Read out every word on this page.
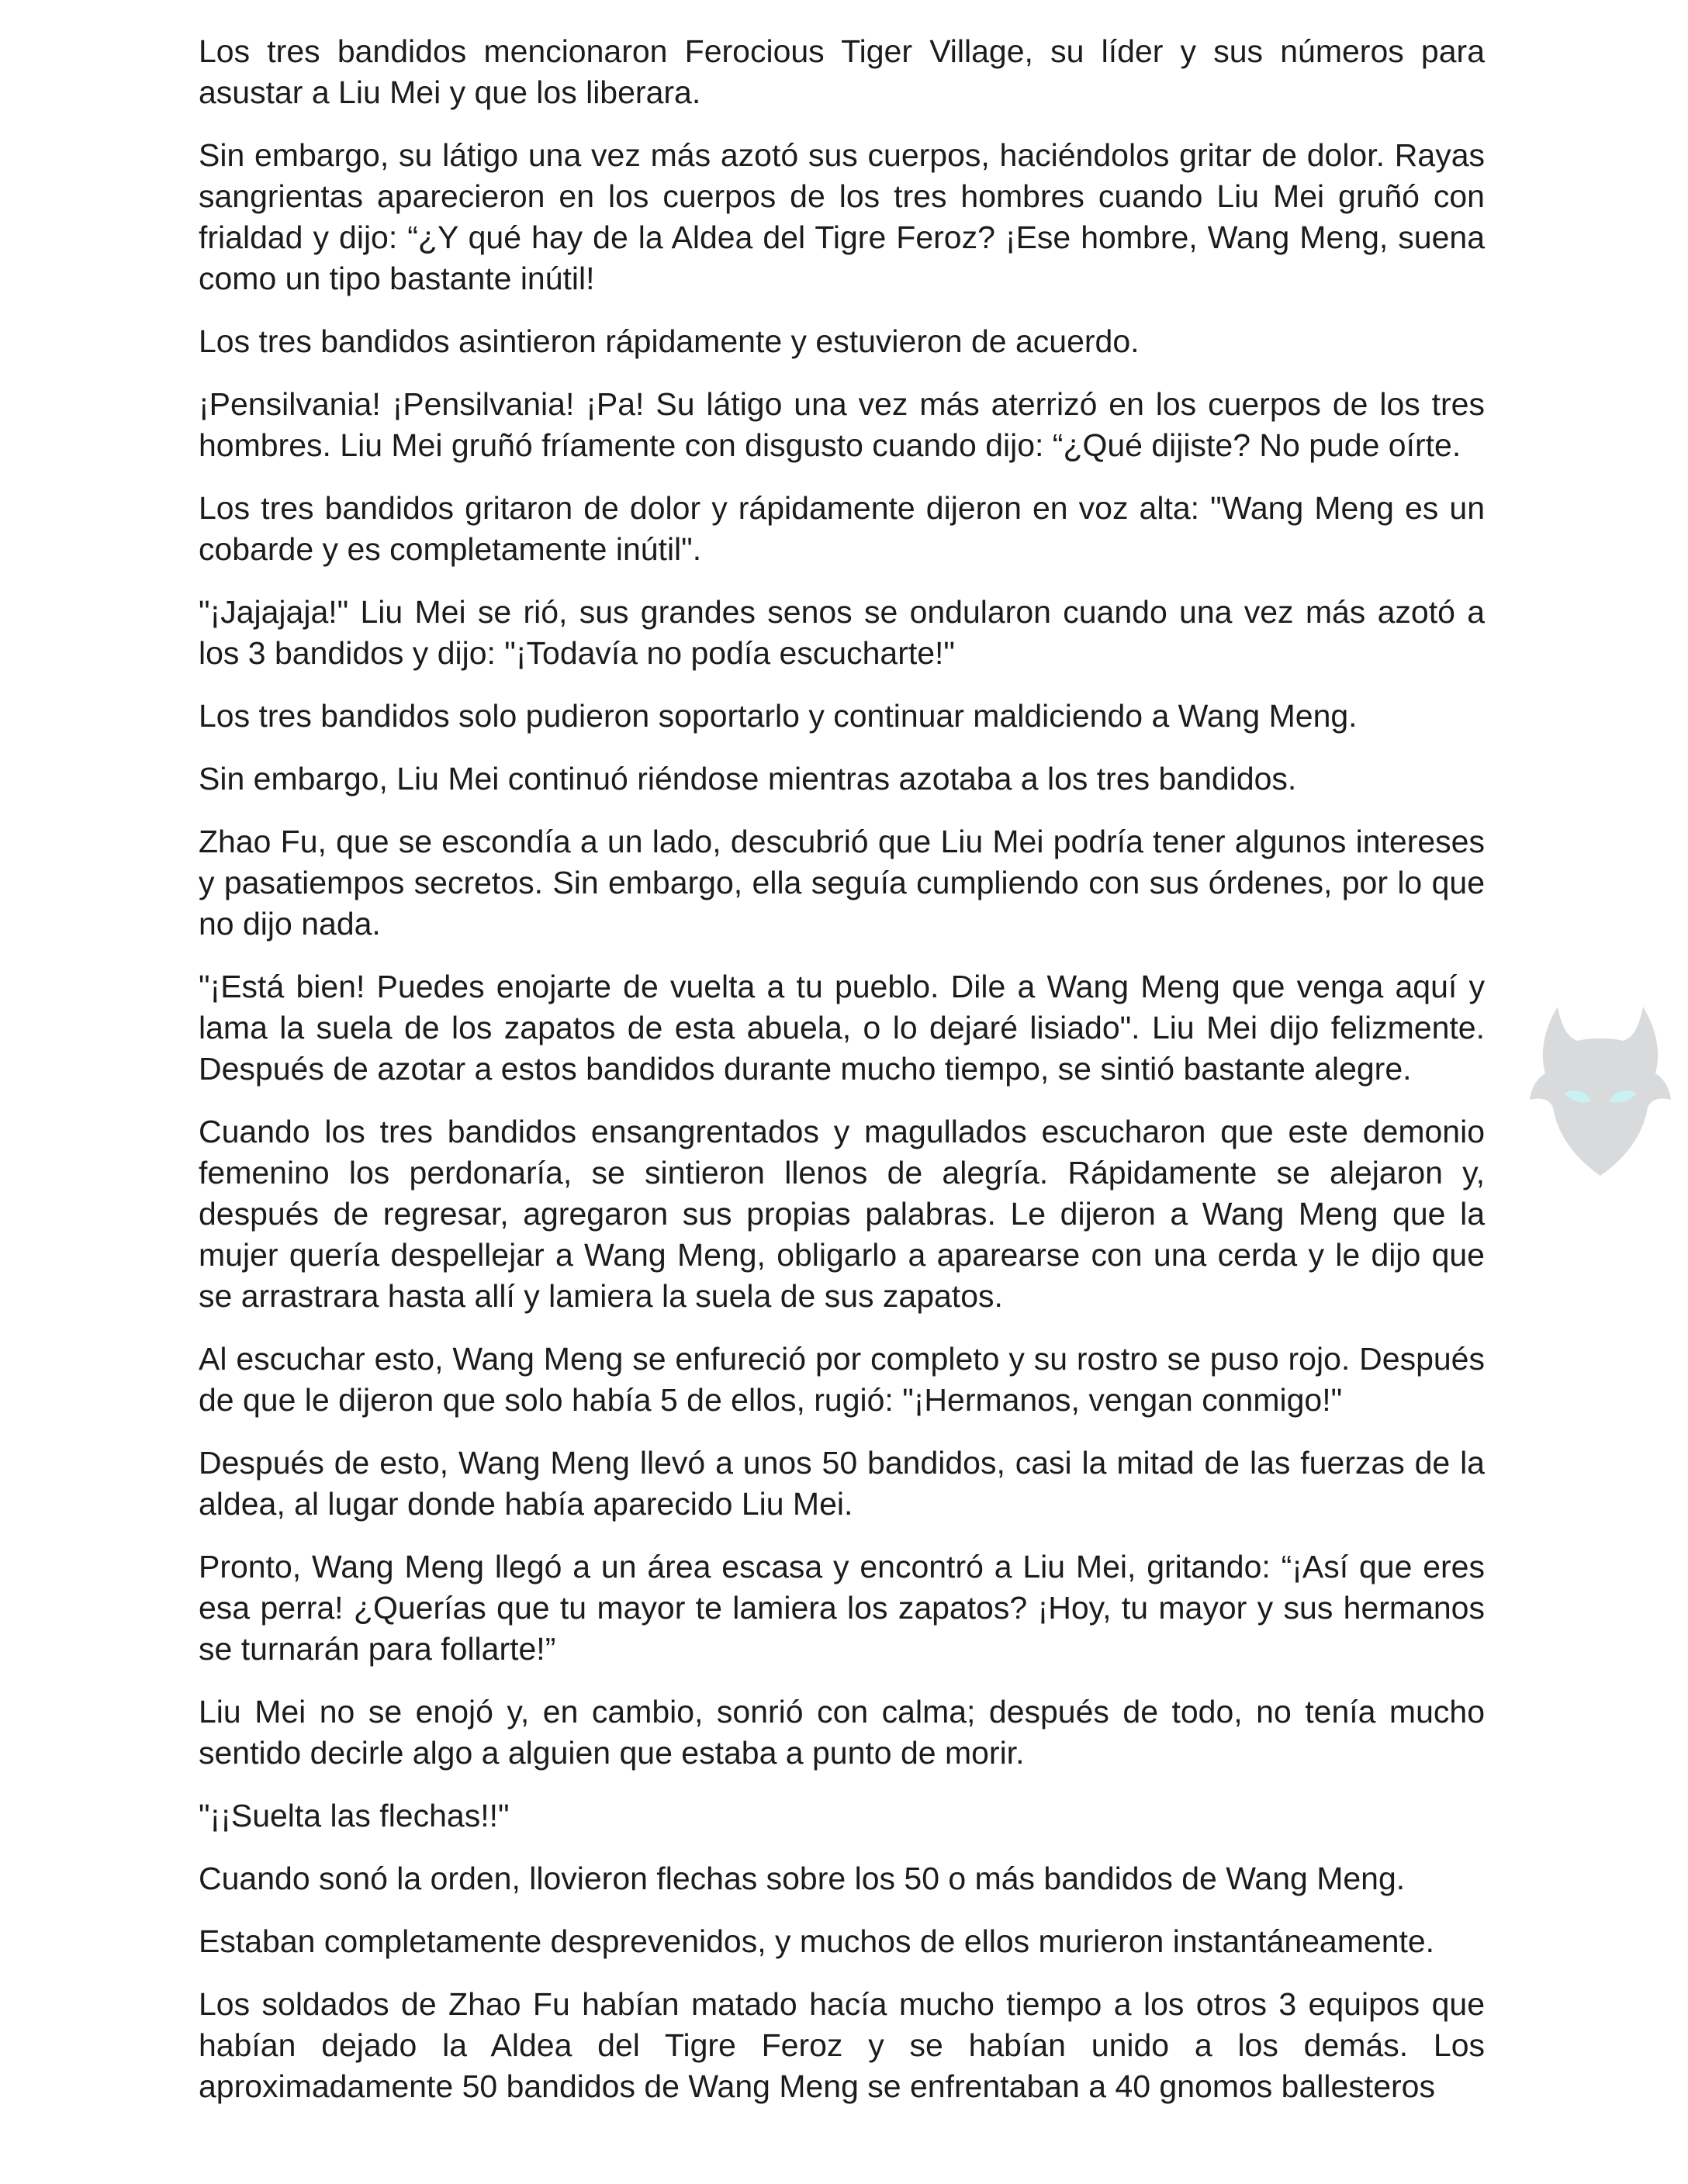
Los tres bandidos mencionaron Ferocious Tiger Village, su líder y sus números para asustar a Liu Mei y que los liberara.

Sin embargo, su látigo una vez más azotó sus cuerpos, haciéndolos gritar de dolor. Rayas sangrientas aparecieron en los cuerpos de los tres hombres cuando Liu Mei gruñó con frialdad y dijo: “¿Y qué hay de la Aldea del Tigre Feroz? ¡Ese hombre, Wang Meng, suena como un tipo bastante inútil!

Los tres bandidos asintieron rápidamente y estuvieron de acuerdo.

¡Pensilvania! ¡Pensilvania! ¡Pa! Su látigo una vez más aterrizó en los cuerpos de los tres hombres. Liu Mei gruñó fríamente con disgusto cuando dijo: “¿Qué dijiste? No pude oírte.

Los tres bandidos gritaron de dolor y rápidamente dijeron en voz alta: "Wang Meng es un cobarde y es completamente inútil".

"¡Jajajaja!" Liu Mei se rió, sus grandes senos se ondularon cuando una vez más azotó a los 3 bandidos y dijo: "¡Todavía no podía escucharte!"

Los tres bandidos solo pudieron soportarlo y continuar maldiciendo a Wang Meng.

Sin embargo, Liu Mei continuó riéndose mientras azotaba a los tres bandidos.

Zhao Fu, que se escondía a un lado, descubrió que Liu Mei podría tener algunos intereses y pasatiempos secretos. Sin embargo, ella seguía cumpliendo con sus órdenes, por lo que no dijo nada.

"¡Está bien! Puedes enojarte de vuelta a tu pueblo. Dile a Wang Meng que venga aquí y lama la suela de los zapatos de esta abuela, o lo dejaré lisiado". Liu Mei dijo felizmente. Después de azotar a estos bandidos durante mucho tiempo, se sintió bastante alegre.

Cuando los tres bandidos ensangrentados y magullados escucharon que este demonio femenino los perdonaría, se sintieron llenos de alegría. Rápidamente se alejaron y, después de regresar, agregaron sus propias palabras. Le dijeron a Wang Meng que la mujer quería despellejar a Wang Meng, obligarlo a aparearse con una cerda y le dijo que se arrastrara hasta allí y lamiera la suela de sus zapatos.

Al escuchar esto, Wang Meng se enfureció por completo y su rostro se puso rojo. Después de que le dijeron que solo había 5 de ellos, rugió: "¡Hermanos, vengan conmigo!"

Después de esto, Wang Meng llevó a unos 50 bandidos, casi la mitad de las fuerzas de la aldea, al lugar donde había aparecido Liu Mei.

Pronto, Wang Meng llegó a un área escasa y encontró a Liu Mei, gritando: “¡Así que eres esa perra! ¿Querías que tu mayor te lamiera los zapatos? ¡Hoy, tu mayor y sus hermanos se turnarán para follarte!”

Liu Mei no se enojó y, en cambio, sonrió con calma; después de todo, no tenía mucho sentido decirle algo a alguien que estaba a punto de morir.

"¡¡Suelta las flechas!!"

Cuando sonó la orden, llovieron flechas sobre los 50 o más bandidos de Wang Meng.

Estaban completamente desprevenidos, y muchos de ellos murieron instantáneamente.

Los soldados de Zhao Fu habían matado hacía mucho tiempo a los otros 3 equipos que habían dejado la Aldea del Tigre Feroz y se habían unido a los demás. Los aproximadamente 50 bandidos de Wang Meng se enfrentaban a 40 gnomos ballesteros
